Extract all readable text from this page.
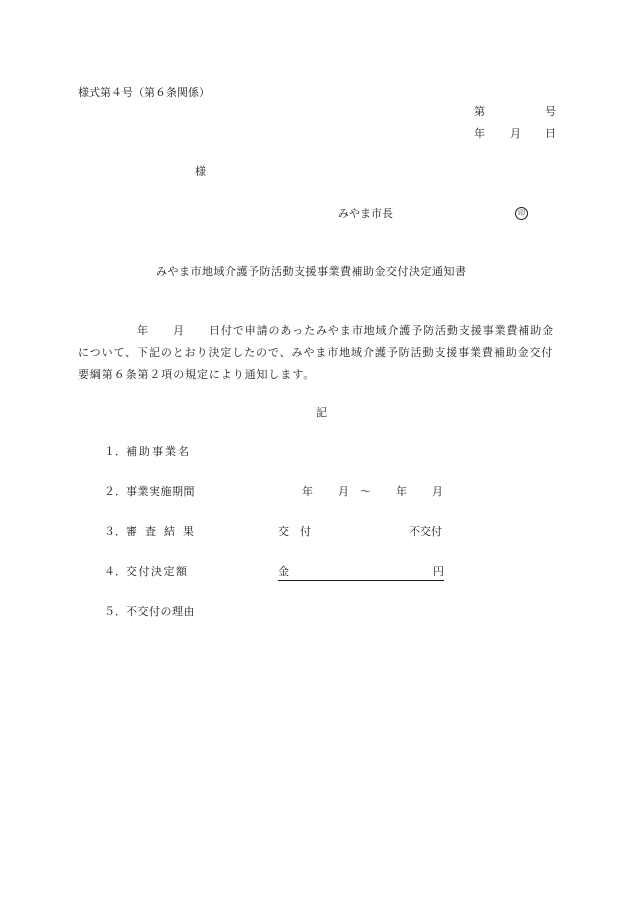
様式第４号（第６条関係）
第	号
年 月 日
様
みやま市長	印
みやま市地域介護予防活動支援事業費補助金交付決定通知書
年 月 日付で申請のあったみやま市地域介護予防活動支援事業費補助金
について、下記のとおり決定したので、みやま市地域介護予防活動支援事業費補助金交付
要綱第６条第２項の規定により通知します。
記
１． 補助事業名
２． 事業実施期間	年 月 〜 年 月
３． 審査結果	交　付	不交付
４． 交付決定額	金	円
５． 不交付の理由
